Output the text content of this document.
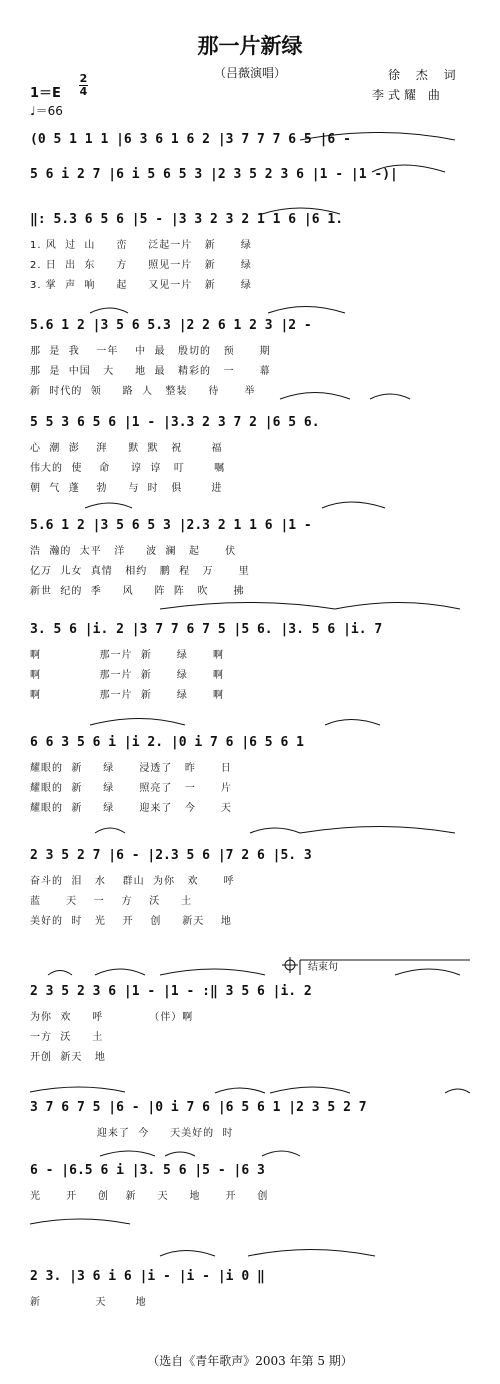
那一片新绿
（吕薇演唱）	徐 杰 词
李式耀 曲
1＝E
2
4
♩＝66
(0 5 1 1 1 |6 3 6 1 6 2 |3 7 7 7 6 5 |6 -
5 6 i 2 7 |6 i 5 6 5 3 |2 3 5 2 3 6 |1 - |1 -)|
‖: 5.3 6 5 6 |5 - |3 3 2 3 2 1 1 6 |6 1.
1. 风  过  山     峦     泛起一片   新      绿
2. 日  出  东     方     照见一片   新      绿
3. 掌  声  响     起     又见一片   新      绿
5.6 1 2 |3 5 6 5.3 |2 2 6 1 2 3 |2 -
那  是  我    一年    中  最   殷切的   预      期
那  是  中国   大     地  最   精彩的   一      幕
新  时代的  领     路  人   整装     待      举
5 5 3 6 5 6 |1 - |3.3 2 3 7 2 |6 5 6.
心  潮  澎    湃     默  默   祝       福
伟大的  使    命     谆  谆   叮       嘱
朝  气  蓬    勃     与  时   俱       进
5.6 1 2 |3 5 6 5 3 |2.3 2 1 1 6 |1 -
浩  瀚的  太平   洋     波  澜   起      伏
亿万  儿女  真情   相约   鹏  程   万      里
新世  纪的  季     风     阵  阵   吹      拂
3. 5 6 |i. 2 |3 7 7 6 7 5 |5 6. |3. 5 6 |i. 7
啊              那一片  新      绿      啊
啊              那一片  新      绿      啊
啊              那一片  新      绿      啊
6 6 3 5 6 i |i 2. |0 i 7 6 |6 5 6 1
耀眼的  新     绿      浸透了   昨      日
耀眼的  新     绿      照亮了   一      片
耀眼的  新     绿      迎来了   今      天
2 3 5 2 7 |6 - |2.3 5 6 |7 2 6 |5. 3
奋斗的  泪   水    群山  为你   欢      呼
蓝      天    一    方    沃     土
美好的  时   光    开    创     新天    地
2 3 5 2 3 6 |1 - |1 - :‖ 3 5 6 |i. 2
为你  欢     呼           （伴）啊
一方  沃     土
开创  新天   地
3 7 6 7 5 |6 - |0 i 7 6 |6 5 6 1 |2 3 5 2 7
迎来了  今     天美好的  时
6 - |6.5 6 i |3. 5 6 |5 - |6 3
光      开     创    新     天     地      开     创
2 3. |3 6 i 6 |i - |i - |i 0 ‖
新             天       地
结束句
（选自《青年歌声》2003 年第 5 期）
